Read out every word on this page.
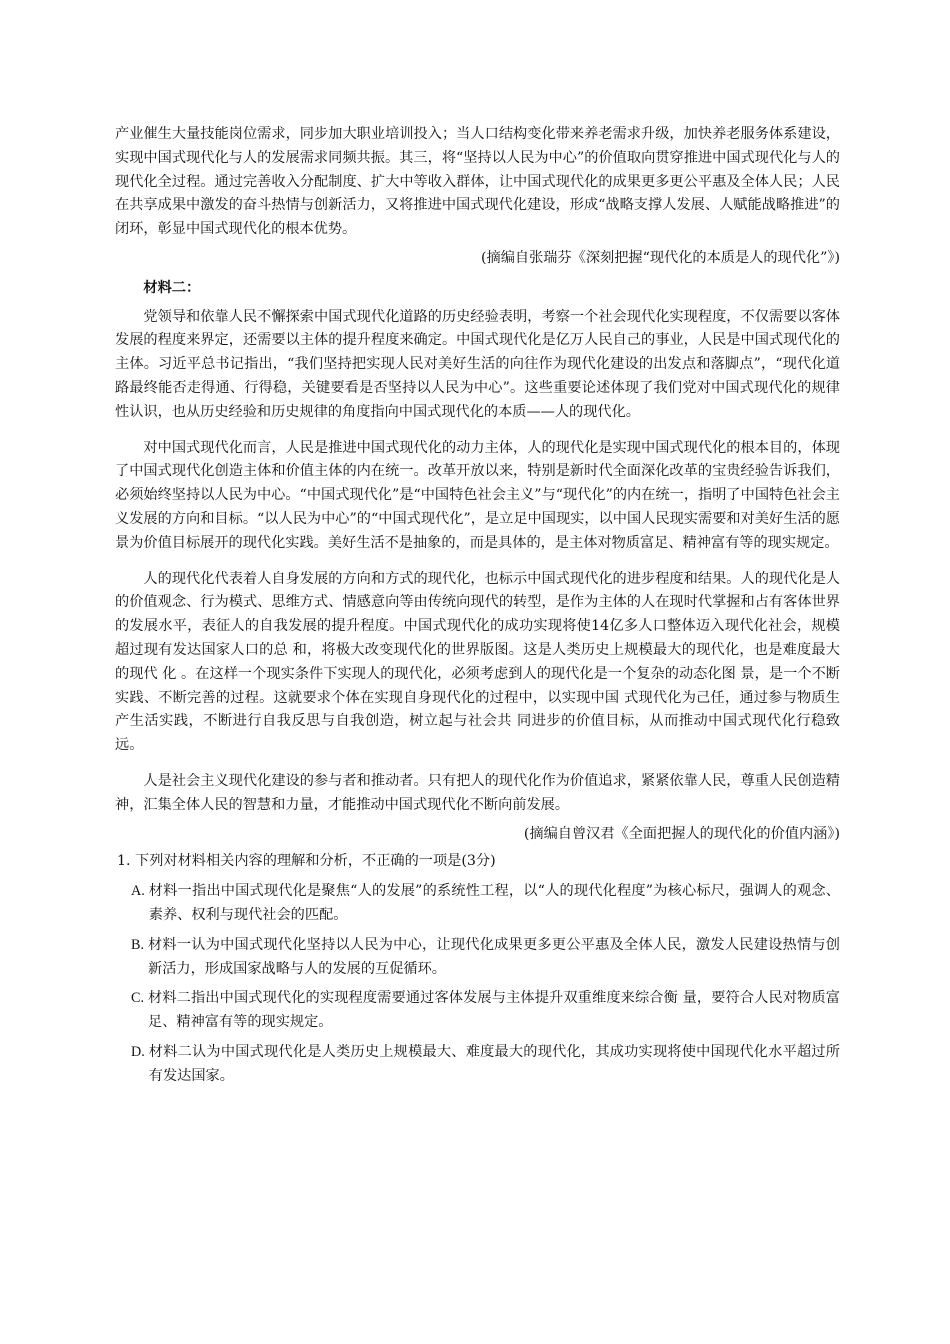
产业催生大量技能岗位需求，同步加大职业培训投入；当人口结构变化带来养老需求升级，加快养老服务体系建设，实现中国式现代化与人的发展需求同频共振。其三，将“坚持以人民为中心”的价值取向贯穿推进中国式现代化与人的现代化全过程。通过完善收入分配制度、扩大中等收入群体，让中国式现代化的成果更多更公平惠及全体人民；人民在共享成果中激发的奋斗热情与创新活力，又将推进中国式现代化建设，形成“战略支撑人发展、人赋能战略推进”的闭环，彰显中国式现代化的根本优势。

(摘编自张瑞芬《深刻把握“现代化的本质是人的现代化”》)

材料二：

党领导和依靠人民不懈探索中国式现代化道路的历史经验表明，考察一个社会现代化实现程度，不仅需要以客体发展的程度来界定，还需要以主体的提升程度来确定。中国式现代化是亿万人民自己的事业，人民是中国式现代化的主体。习近平总书记指出，“我们坚持把实现人民对美好生活的向往作为现代化建设的出发点和落脚点”，“现代化道路最终能否走得通、行得稳，关键要看是否坚持以人民为中心”。这些重要论述体现了我们党对中国式现代化的规律性认识，也从历史经验和历史规律的角度指向中国式现代化的本质——人的现代化。

对中国式现代化而言，人民是推进中国式现代化的动力主体，人的现代化是实现中国式现代化的根本目的，体现了中国式现代化创造主体和价值主体的内在统一。改革开放以来，特别是新时代全面深化改革的宝贵经验告诉我们，必须始终坚持以人民为中心。“中国式现代化”是“中国特色社会主义”与“现代化”的内在统一，指明了中国特色社会主义发展的方向和目标。“以人民为中心”的“中国式现代化”，是立足中国现实，以中国人民现实需要和对美好生活的愿景为价值目标展开的现代化实践。美好生活不是抽象的，而是具体的，是主体对物质富足、精神富有等的现实规定。

人的现代化代表着人自身发展的方向和方式的现代化，也标示中国式现代化的进步程度和结果。人的现代化是人的价值观念、行为模式、思维方式、情感意向等由传统向现代的转型，是作为主体的人在现时代掌握和占有客体世界的发展水平，表征人的自我发展的提升程度。中国式现代化的成功实现将使14亿多人口整体迈入现代化社会，规模超过现有发达国家人口的总 和，将极大改变现代化的世界版图。这是人类历史上规模最大的现代化，也是难度最大的现代 化 。在这样一个现实条件下实现人的现代化，必须考虑到人的现代化是一个复杂的动态化图 景，是一个不断实践、不断完善的过程。这就要求个体在实现自身现代化的过程中，以实现中国 式现代化为己任，通过参与物质生产生活实践，不断进行自我反思与自我创造，树立起与社会共 同进步的价值目标，从而推动中国式现代化行稳致远。

人是社会主义现代化建设的参与者和推动者。只有把人的现代化作为价值追求，紧紧依靠人民，尊重人民创造精神，汇集全体人民的智慧和力量，才能推动中国式现代化不断向前发展。

(摘编自曾汉君《全面把握人的现代化的价值内涵》)

1. 下列对材料相关内容的理解和分析，不正确的一项是(3分)

A. 材料一指出中国式现代化是聚焦“人的发展”的系统性工程，以“人的现代化程度”为核心标尺，强调人的观念、素养、权利与现代社会的匹配。
B. 材料一认为中国式现代化坚持以人民为中心，让现代化成果更多更公平惠及全体人民，激发人民建设热情与创新活力，形成国家战略与人的发展的互促循环。
C. 材料二指出中国式现代化的实现程度需要通过客体发展与主体提升双重维度来综合衡 量，要符合人民对物质富足、精神富有等的现实规定。
D. 材料二认为中国式现代化是人类历史上规模最大、难度最大的现代化，其成功实现将使中国现代化水平超过所有发达国家。
